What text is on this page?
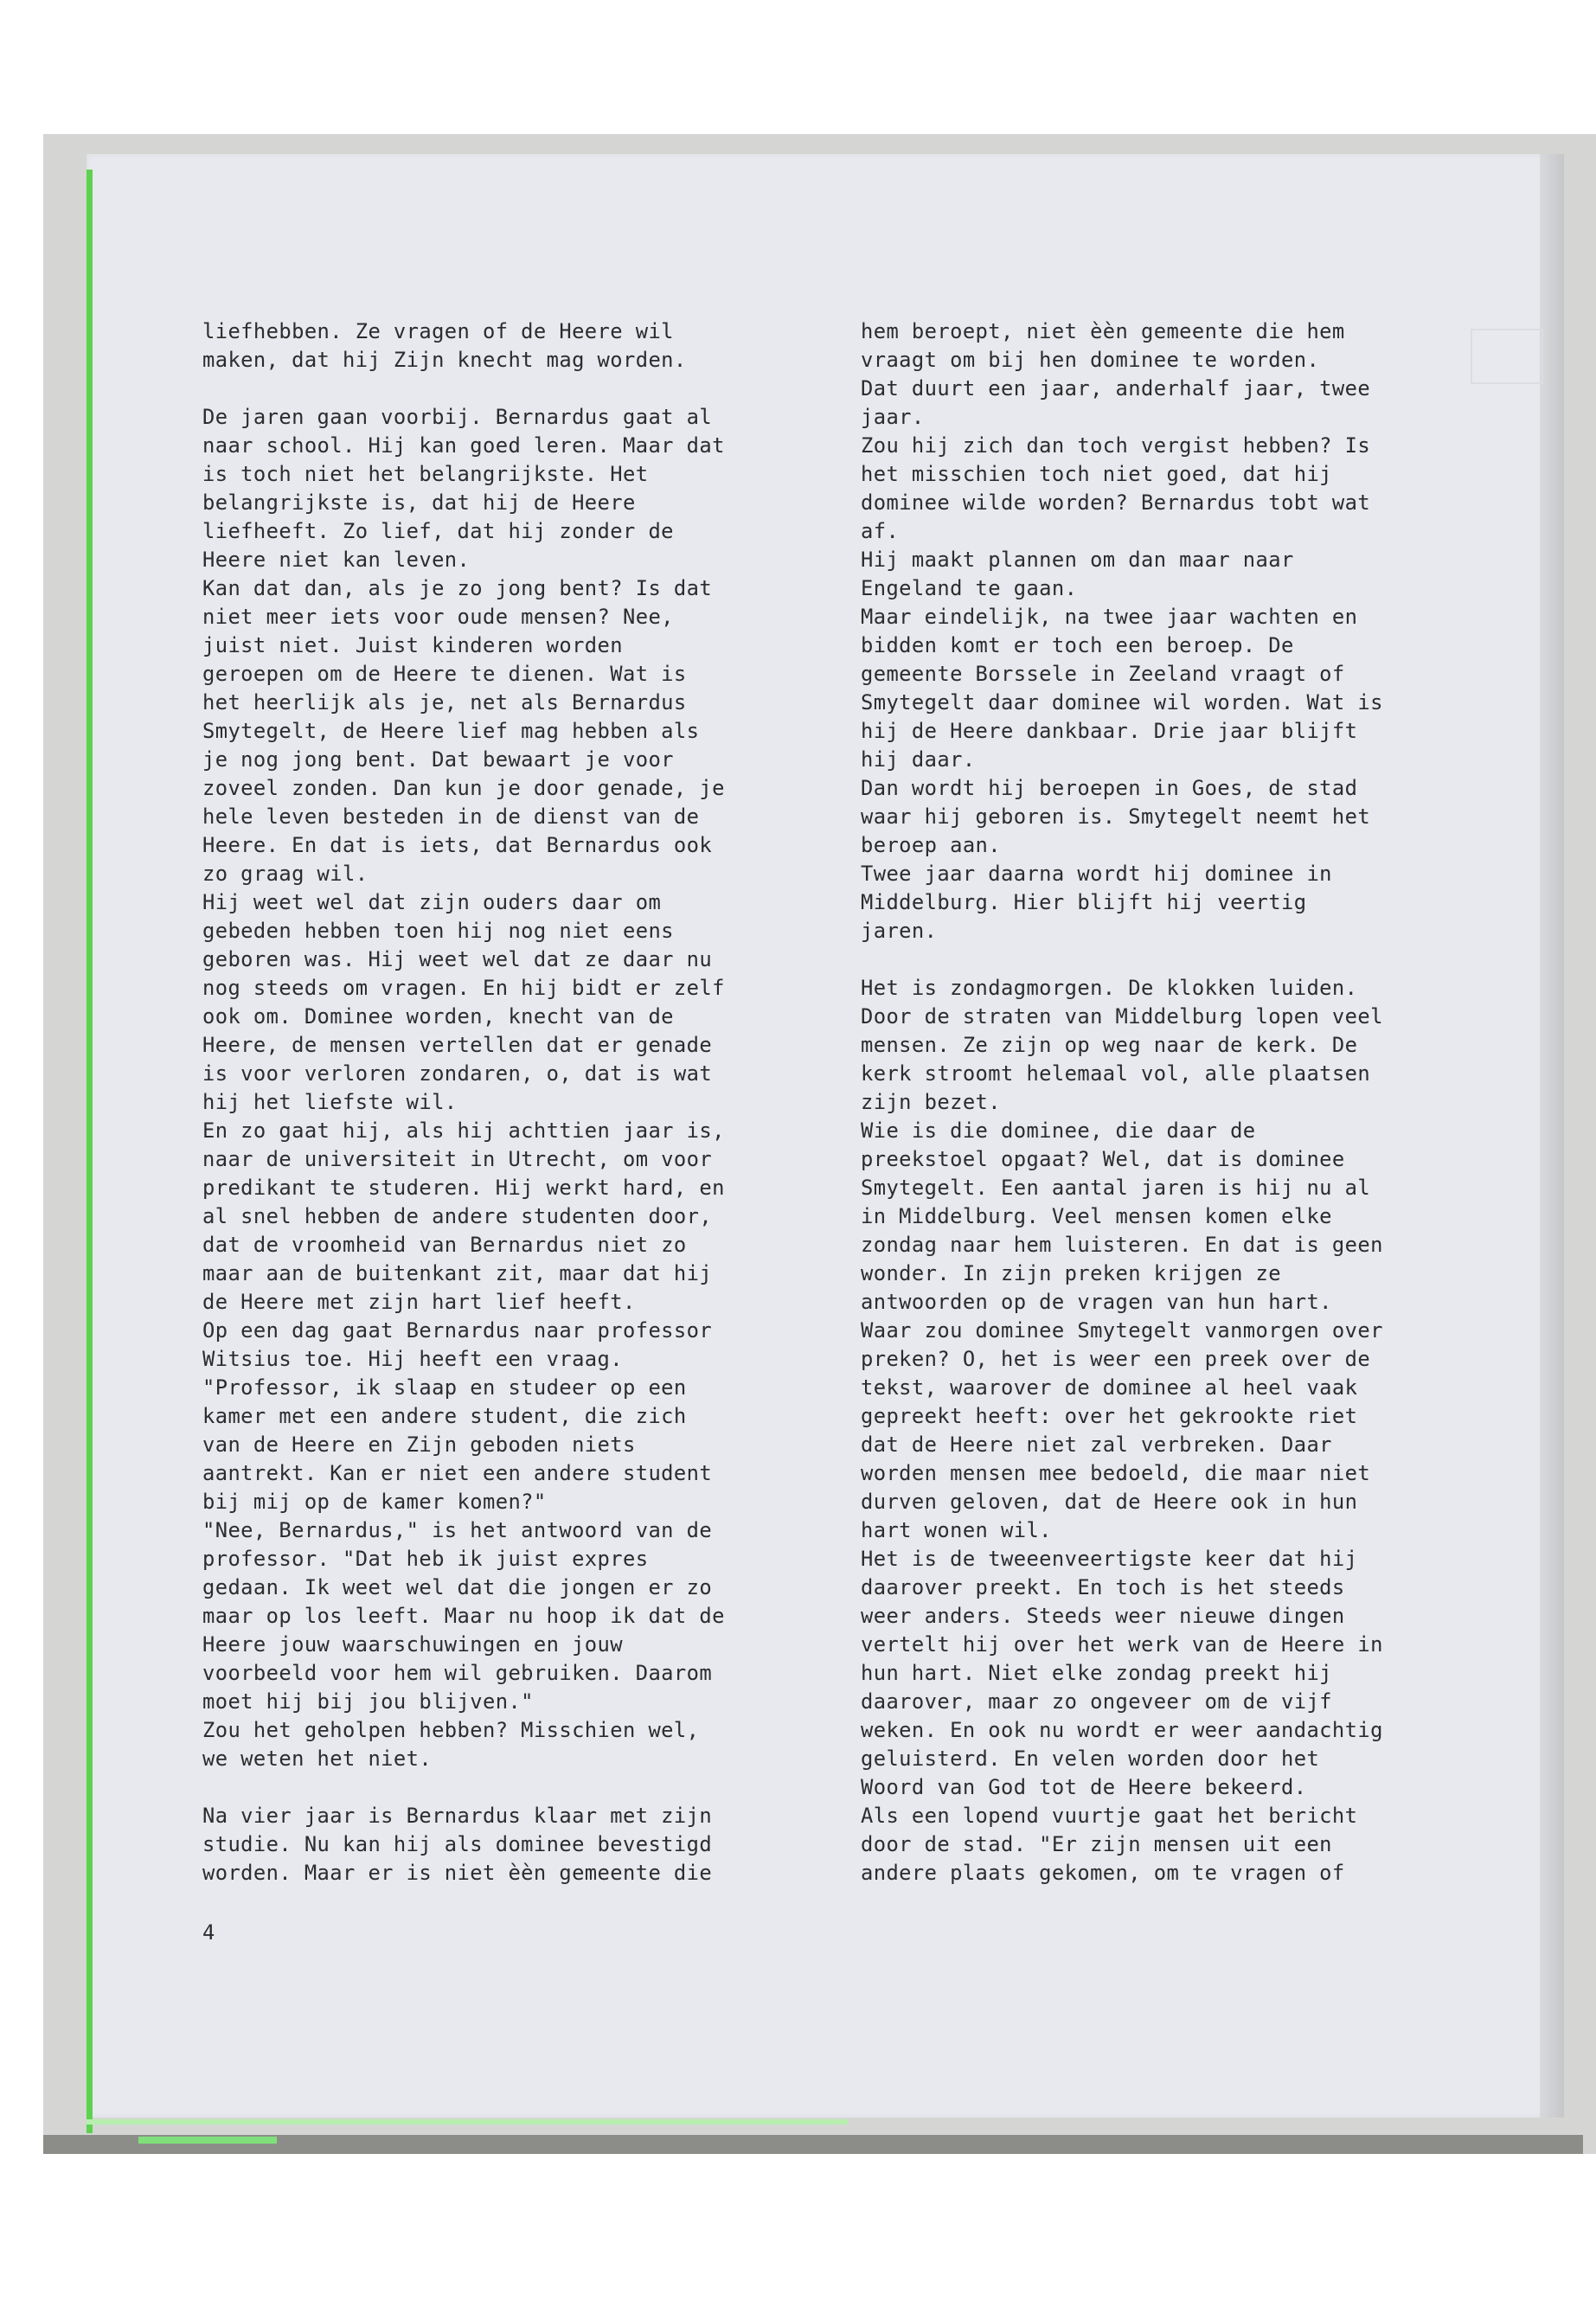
liefhebben. Ze vragen of de Heere wil

maken, dat hij Zijn knecht mag worden.

De jaren gaan voorbij. Bernardus gaat al

naar school. Hij kan goed leren. Maar dat

is toch niet het belangrijkste. Het

belangrijkste is, dat hij de Heere

liefheeft. Zo lief, dat hij zonder de

Heere niet kan leven.

Kan dat dan, als je zo jong bent? Is dat

niet meer iets voor oude mensen? Nee,

juist niet. Juist kinderen worden

geroepen om de Heere te dienen. Wat is

het heerlijk als je, net als Bernardus

Smytegelt, de Heere lief mag hebben als

je nog jong bent. Dat bewaart je voor

zoveel zonden. Dan kun je door genade, je

hele leven besteden in de dienst van de

Heere. En dat is iets, dat Bernardus ook

zo graag wil.

Hij weet wel dat zijn ouders daar om

gebeden hebben toen hij nog niet eens

geboren was. Hij weet wel dat ze daar nu

nog steeds om vragen. En hij bidt er zelf

ook om. Dominee worden, knecht van de

Heere, de mensen vertellen dat er genade

is voor verloren zondaren, o, dat is wat

hij het liefste wil.

En zo gaat hij, als hij achttien jaar is,

naar de universiteit in Utrecht, om voor

predikant te studeren. Hij werkt hard, en

al snel hebben de andere studenten door,

dat de vroomheid van Bernardus niet zo

maar aan de buitenkant zit, maar dat hij

de Heere met zijn hart lief heeft.

Op een dag gaat Bernardus naar professor

Witsius toe. Hij heeft een vraag.

"Professor, ik slaap en studeer op een

kamer met een andere student, die zich

van de Heere en Zijn geboden niets

aantrekt. Kan er niet een andere student

bij mij op de kamer komen?"

"Nee, Bernardus," is het antwoord van de

professor. "Dat heb ik juist expres

gedaan. Ik weet wel dat die jongen er zo

maar op los leeft. Maar nu hoop ik dat de

Heere jouw waarschuwingen en jouw

voorbeeld voor hem wil gebruiken. Daarom

moet hij bij jou blijven."

Zou het geholpen hebben? Misschien wel,

we weten het niet.

Na vier jaar is Bernardus klaar met zijn

studie. Nu kan hij als dominee bevestigd

worden. Maar er is niet èèn gemeente die

hem beroept, niet èèn gemeente die hem

vraagt om bij hen dominee te worden.

Dat duurt een jaar, anderhalf jaar, twee

jaar.

Zou hij zich dan toch vergist hebben? Is

het misschien toch niet goed, dat hij

dominee wilde worden? Bernardus tobt wat

af.

Hij maakt plannen om dan maar naar

Engeland te gaan.

Maar eindelijk, na twee jaar wachten en

bidden komt er toch een beroep. De

gemeente Borssele in Zeeland vraagt of

Smytegelt daar dominee wil worden. Wat is

hij de Heere dankbaar. Drie jaar blijft

hij daar.

Dan wordt hij beroepen in Goes, de stad

waar hij geboren is. Smytegelt neemt het

beroep aan.

Twee jaar daarna wordt hij dominee in

Middelburg. Hier blijft hij veertig

jaren.

Het is zondagmorgen. De klokken luiden.

Door de straten van Middelburg lopen veel

mensen. Ze zijn op weg naar de kerk. De

kerk stroomt helemaal vol, alle plaatsen

zijn bezet.

Wie is die dominee, die daar de

preekstoel opgaat? Wel, dat is dominee

Smytegelt. Een aantal jaren is hij nu al

in Middelburg. Veel mensen komen elke

zondag naar hem luisteren. En dat is geen

wonder. In zijn preken krijgen ze

antwoorden op de vragen van hun hart.

Waar zou dominee Smytegelt vanmorgen over

preken? O, het is weer een preek over de

tekst, waarover de dominee al heel vaak

gepreekt heeft: over het gekrookte riet

dat de Heere niet zal verbreken. Daar

worden mensen mee bedoeld, die maar niet

durven geloven, dat de Heere ook in hun

hart wonen wil.

Het is de tweeenveertigste keer dat hij

daarover preekt. En toch is het steeds

weer anders. Steeds weer nieuwe dingen

vertelt hij over het werk van de Heere in

hun hart. Niet elke zondag preekt hij

daarover, maar zo ongeveer om de vijf

weken. En ook nu wordt er weer aandachtig

geluisterd. En velen worden door het

Woord van God tot de Heere bekeerd.

Als een lopend vuurtje gaat het bericht

door de stad. "Er zijn mensen uit een

andere plaats gekomen, om te vragen of

4
